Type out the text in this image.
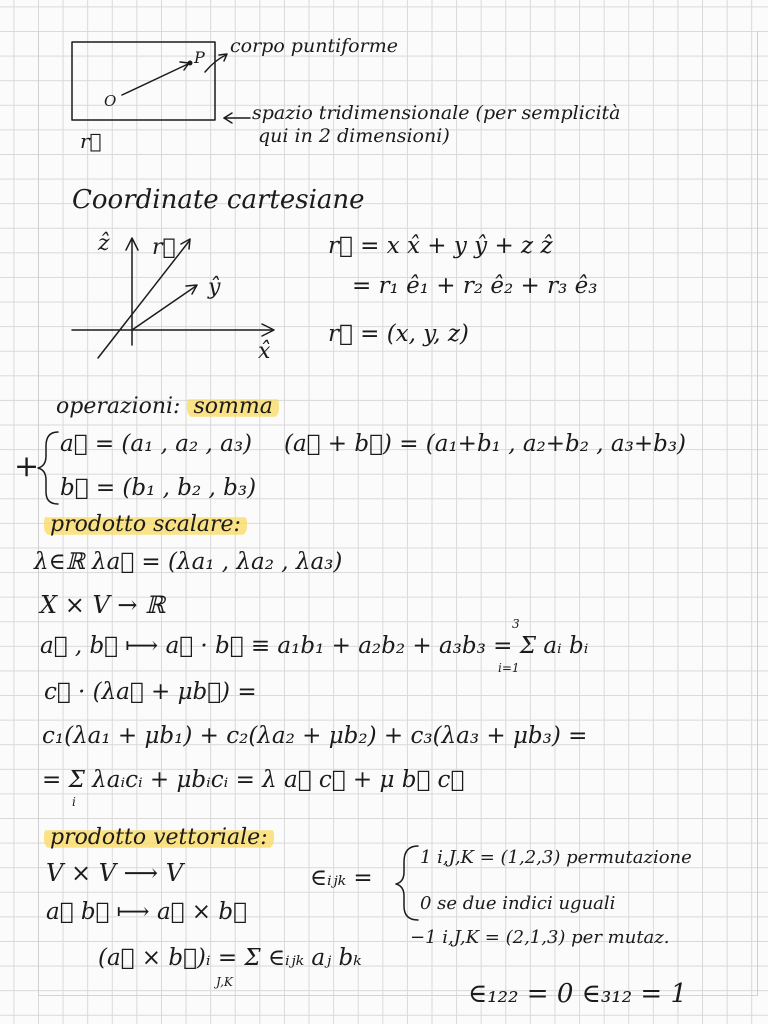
O
P
corpo puntiforme
spazio tridimensionale (per semplicità
qui in 2 dimensioni)
r⃗
Coordinate cartesiane
ẑ r⃗
ŷ
x̂
r⃗ = x x̂ + y ŷ + z ẑ
= r₁ ê₁ + r₂ ê₂ + r₃ ê₃
r⃗ = (x, y, z)
operazioni: somma
+
a⃗ = (a₁ , a₂ , a₃)
b⃗ = (b₁ , b₂ , b₃)
(a⃗ + b⃗) = (a₁+b₁ , a₂+b₂ , a₃+b₃)
prodotto scalare:
λ∈ℝ λa⃗ = (λa₁ , λa₂ , λa₃)
X × V → ℝ
a⃗ , b⃗ ⟼ a⃗ · b⃗ ≡ a₁b₁ + a₂b₂ + a₃b₃ = Σ aᵢ bᵢ
3
i=1
c⃗ · (λa⃗ + μb⃗) =
c₁(λa₁ + μb₁) + c₂(λa₂ + μb₂) + c₃(λa₃ + μb₃) =
= Σ λaᵢcᵢ + μbᵢcᵢ = λ a⃗ c⃗ + μ b⃗ c⃗
i
prodotto vettoriale:
V × V ⟶ V
a⃗ b⃗ ⟼ a⃗ × b⃗
(a⃗ × b⃗)ᵢ = Σ ∈ᵢⱼₖ aⱼ bₖ
J,K
∈ᵢⱼₖ =
1 i,J,K = (1,2,3) permutazione
0 se due indici uguali
−1 i,J,K = (2,1,3) per mutaz.
∈₁₂₂ = 0 ∈₃₁₂ = 1
